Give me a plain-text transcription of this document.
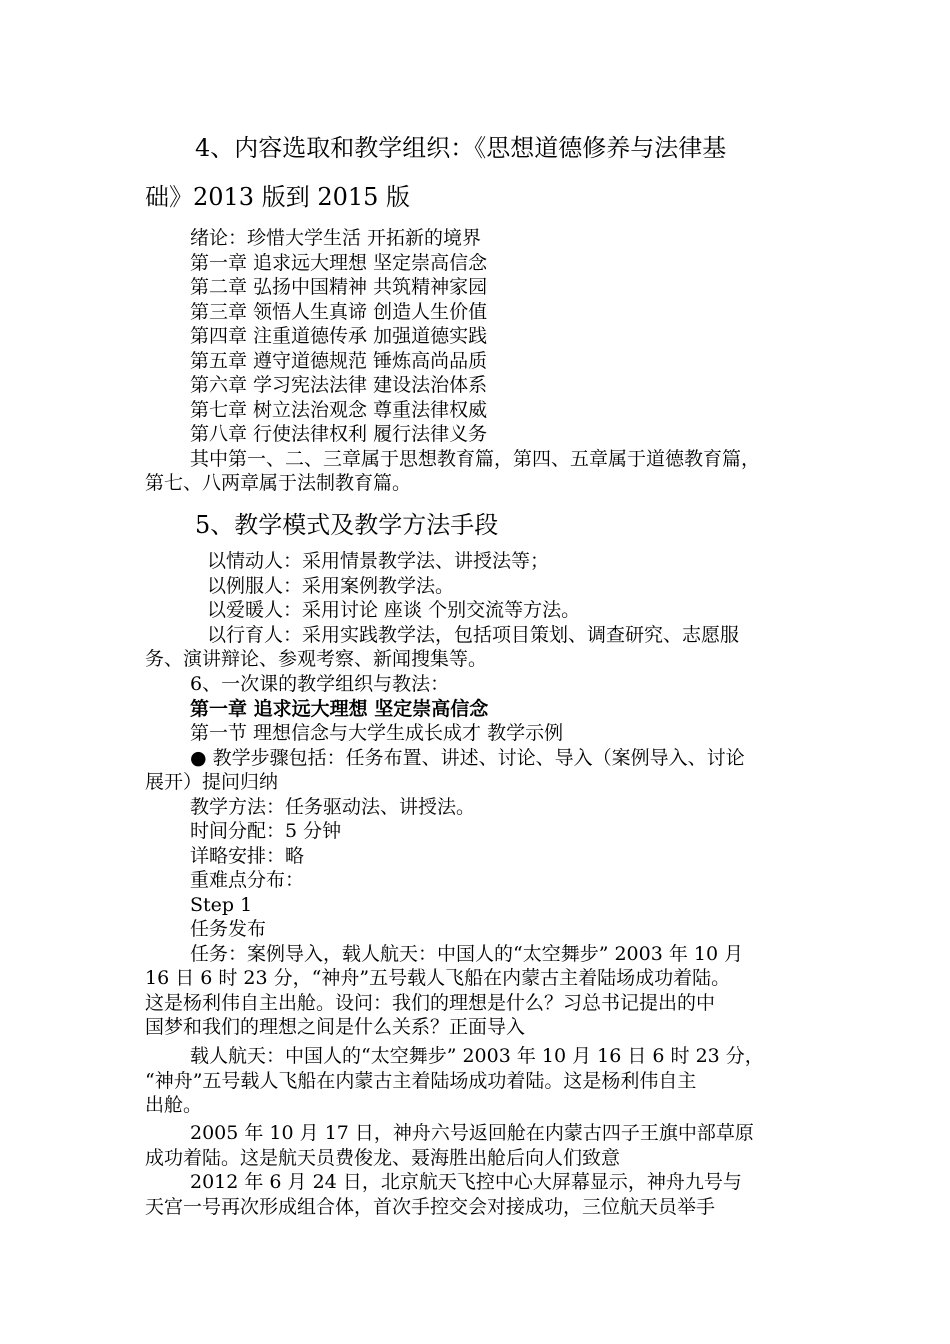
4、内容选取和教学组织：《思想道德修养与法律基

础》2013 版到 2015 版

绪论：珍惜大学生活 开拓新的境界

第一章 追求远大理想 坚定崇高信念

第二章 弘扬中国精神 共筑精神家园

第三章 领悟人生真谛 创造人生价值

第四章 注重道德传承 加强道德实践

第五章 遵守道德规范 锤炼高尚品质

第六章 学习宪法法律 建设法治体系

第七章 树立法治观念 尊重法律权威

第八章 行使法律权利 履行法律义务

其中第一、二、三章属于思想教育篇，第四、五章属于道德教育篇，

第七、八两章属于法制教育篇。

5、教学模式及教学方法手段

以情动人：采用情景教学法、讲授法等；

以例服人：采用案例教学法。

以爱暖人：采用讨论 座谈 个别交流等方法。

以行育人：采用实践教学法，包括项目策划、调查研究、志愿服

务、演讲辩论、参观考察、新闻搜集等。

6、一次课的教学组织与教法：

第一章 追求远大理想 坚定崇高信念

第一节 理想信念与大学生成长成才 教学示例

● 教学步骤包括：任务布置、讲述、讨论、导入（案例导入、讨论

展开）提问归纳

教学方法：任务驱动法、讲授法。

时间分配：5 分钟

详略安排：略

重难点分布：

Step 1

任务发布

任务：案例导入，载人航天：中国人的“太空舞步” 2003 年 10 月

16 日 6 时 23 分，“神舟”五号载人飞船在内蒙古主着陆场成功着陆。

这是杨利伟自主出舱。设问：我们的理想是什么？习总书记提出的中

国梦和我们的理想之间是什么关系？正面导入

载人航天：中国人的“太空舞步” 2003 年 10 月 16 日 6 时 23 分，

“神舟”五号载人飞船在内蒙古主着陆场成功着陆。这是杨利伟自主

出舱。

2005 年 10 月 17 日，神舟六号返回舱在内蒙古四子王旗中部草原

成功着陆。这是航天员费俊龙、聂海胜出舱后向人们致意

2012 年 6 月 24 日，北京航天飞控中心大屏幕显示，神舟九号与

天宫一号再次形成组合体，首次手控交会对接成功，三位航天员举手
